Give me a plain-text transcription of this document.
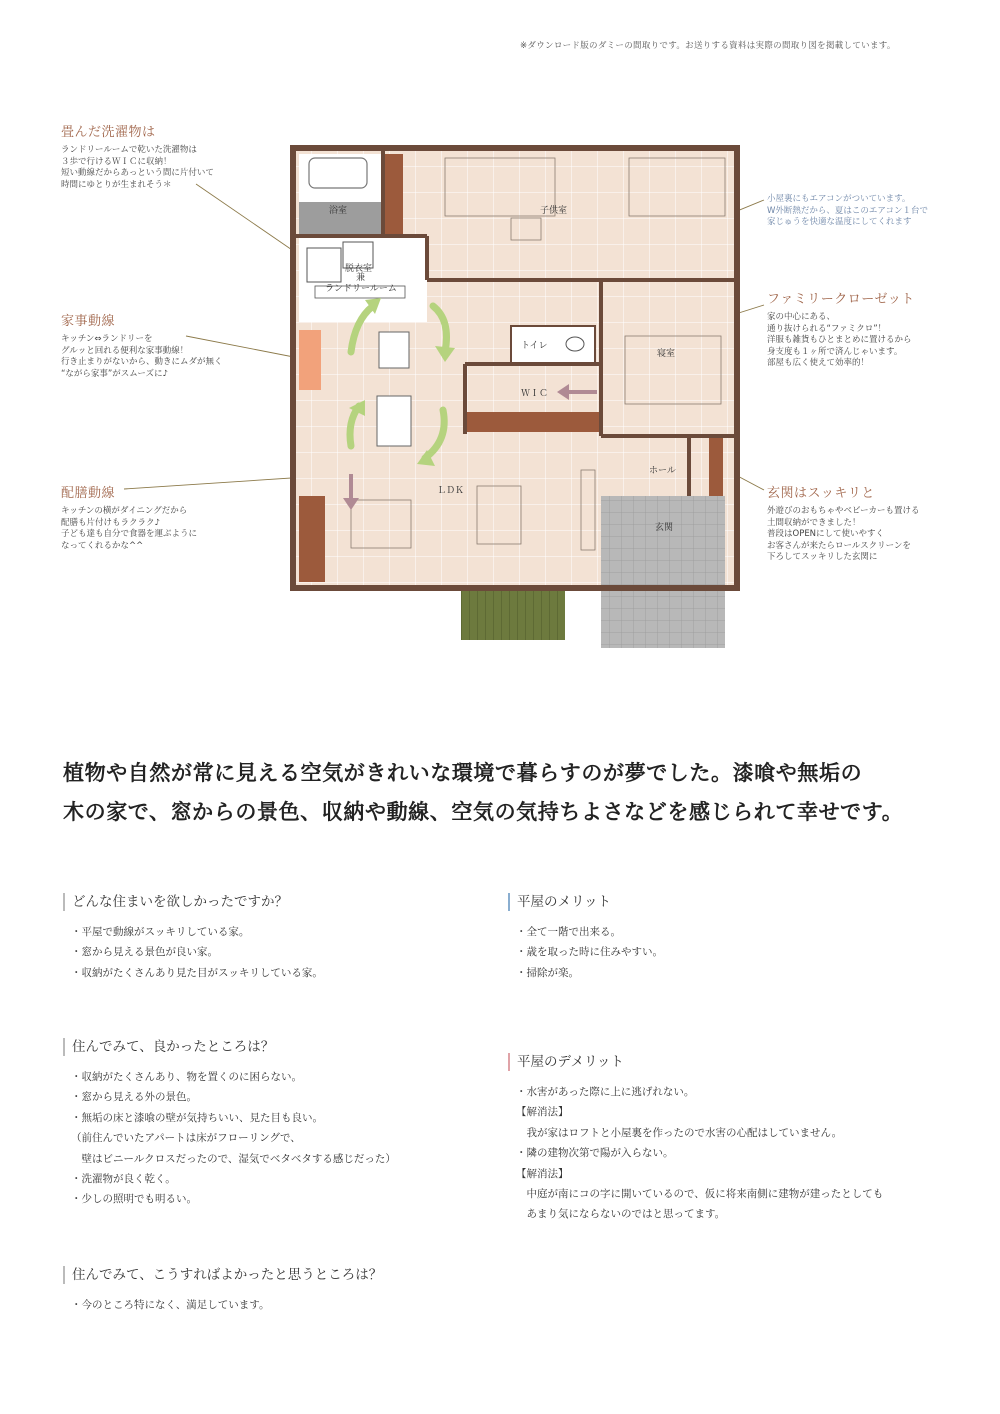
※ダウンロード版のダミーの間取りです。お送りする資料は実際の間取り図を掲載しています。
畳んだ洗濯物は
ランドリールームで乾いた洗濯物は
３歩で行けるＷＩＣに収納！
短い動線だからあっという間に片付いて
時間にゆとりが生まれそう＊
家事動線
キッチン⇔ランドリーを
グルッと回れる便利な家事動線！
行き止まりがないから、動きにムダが無く
“ながら家事”がスムーズに♪
配膳動線
キッチンの横がダイニングだから
配膳も片付けもラクラク♪
子ども達も自分で食器を運ぶように
なってくれるかな^^
小屋裏にもエアコンがついています。
W外断熱だから、夏はこのエアコン１台で
家じゅうを快適な温度にしてくれます
ファミリークローゼット
家の中心にある、
通り抜けられる“ファミクロ”！
洋服も雑貨もひとまとめに置けるから
身支度も１ヶ所で済んじゃいます。
部屋も広く使えて効率的！
玄関はスッキリと
外遊びのおもちゃやベビーカーも置ける
土間収納ができました！
普段はOPENにして使いやすく
お客さんが来たらロールスクリーンを
下ろしてスッキリした玄関に
浴室
脱衣室
兼
ランドリールーム
子供室
トイレ
ＷＩＣ
寝室
ＬＤＫ
ホール
玄関
植物や自然が常に見える空気がきれいな環境で暮らすのが夢でした。漆喰や無垢の
木の家で、窓からの景色、収納や動線、空気の気持ちよさなどを感じられて幸せです。
どんな住まいを欲しかったですか？
・平屋で動線がスッキリしている家。
・窓から見える景色が良い家。
・収納がたくさんあり見た目がスッキリしている家。
平屋のメリット
・全て一階で出来る。
・歳を取った時に住みやすい。
・掃除が楽。
住んでみて、良かったところは？
・収納がたくさんあり、物を置くのに困らない。
・窓から見える外の景色。
・無垢の床と漆喰の壁が気持ちいい、見た目も良い。
（前住んでいたアパートは床がフローリングで、
　壁はビニールクロスだったので、湿気でベタベタする感じだった）
・洗濯物が良く乾く。
・少しの照明でも明るい。
平屋のデメリット
・水害があった際に上に逃げれない。
【解消法】
　我が家はロフトと小屋裏を作ったので水害の心配はしていません。
・隣の建物次第で陽が入らない。
【解消法】
　中庭が南にコの字に開いているので、仮に将来南側に建物が建ったとしても
　あまり気にならないのではと思ってます。
住んでみて、こうすればよかったと思うところは？
・今のところ特になく、満足しています。
